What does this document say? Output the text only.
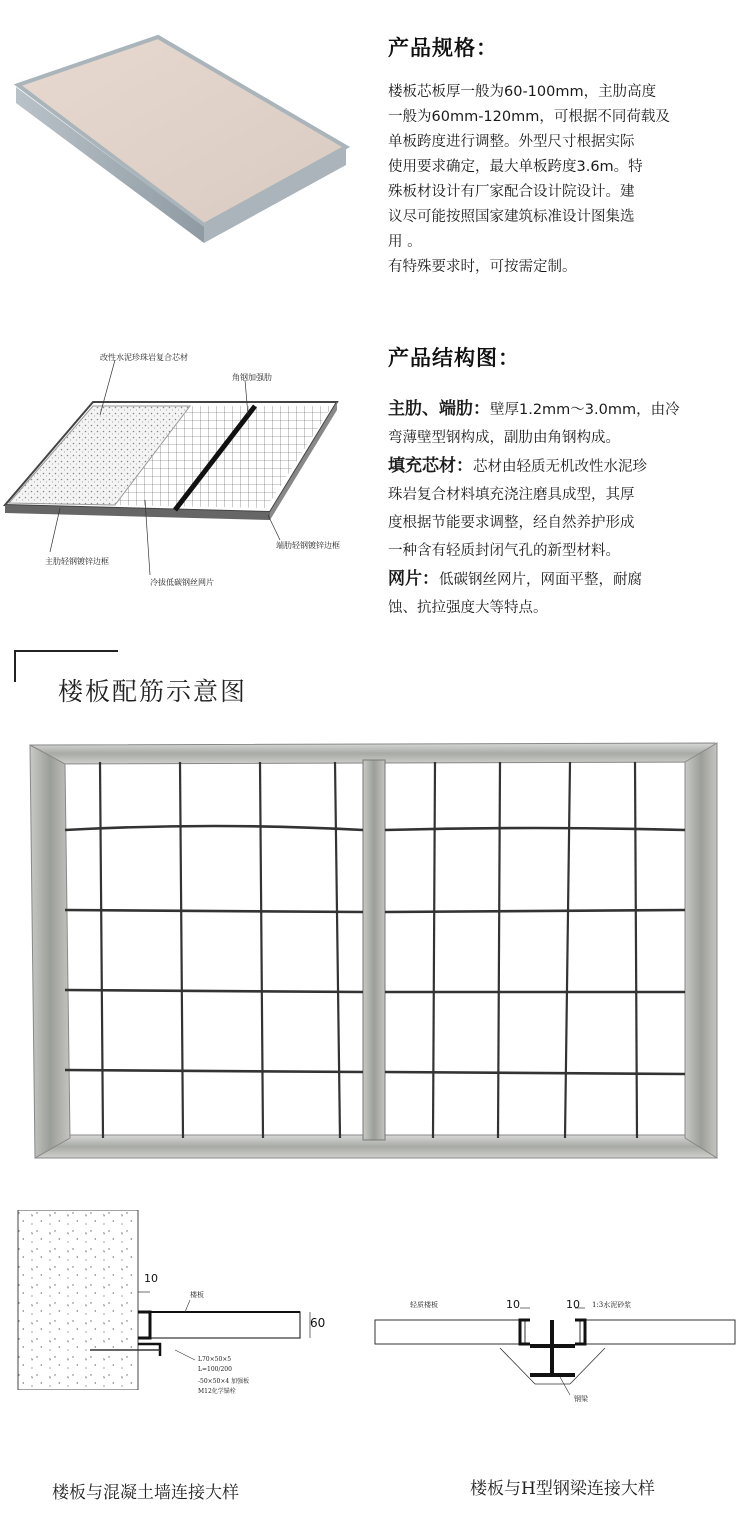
产品规格：

楼板芯板厚一般为60-100mm，主肋高度

一般为60mm-120mm，可根据不同荷载及

单板跨度进行调整。外型尺寸根据实际

使用要求确定，最大单板跨度3.6m。特

殊板材设计有厂家配合设计院设计。建

议尽可能按照国家建筑标准设计图集选

用 。

有特殊要求时，可按需定制。

改性水泥珍珠岩复合芯材
角钢加强肋
主肋轻钢镀锌边框
端肋轻钢镀锌边框
冷拔低碳钢丝网片
产品结构图：

主肋、端肋：壁厚1.2mm～3.0mm，由冷

弯薄壁型钢构成，副肋由角钢构成。

填充芯材：芯材由轻质无机改性水泥珍

珠岩复合材料填充浇注磨具成型，其厚

度根据节能要求调整，经自然养护形成

一种含有轻质封闭气孔的新型材料。

网片：低碳钢丝网片，网面平整，耐腐

蚀、抗拉强度大等特点。

楼板配筋示意图
10
60
楼板
L70×50×5
L=100/200
-50×50×4 加强板
M12化学锚栓
楼板与混凝土墙连接大样
轻质楼板	1:3水泥砂浆
10	10
钢梁
楼板与H型钢梁连接大样
